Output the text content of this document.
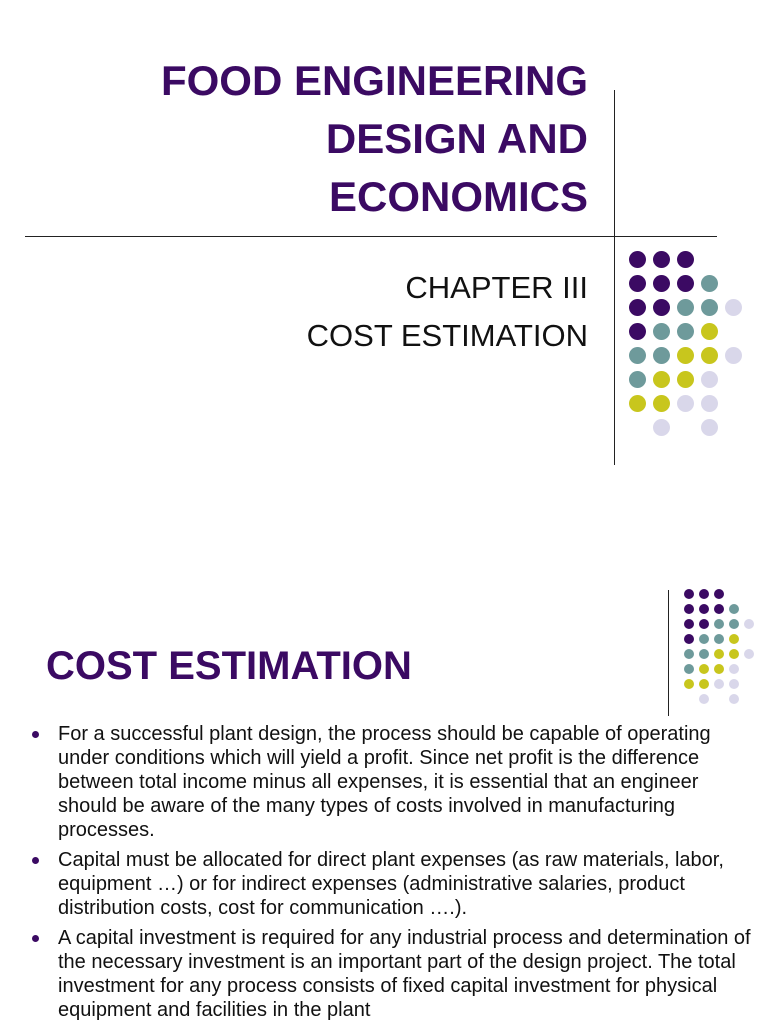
FOOD ENGINEERING
DESIGN AND
ECONOMICS
CHAPTER III
COST ESTIMATION
COST ESTIMATION
For a successful plant design, the process should be capable of operating under conditions which will yield a profit. Since net profit is the difference between total income minus all expenses, it is essential that an engineer should be aware of the many types of costs involved in manufacturing processes.
Capital must be allocated for direct plant expenses (as raw materials, labor, equipment …) or for indirect expenses (administrative salaries, product distribution costs, cost for communication ….).
A capital investment is required for any industrial process and determination of the necessary investment is an important part of the design project. The total investment for any process consists of fixed capital investment for physical equipment and facilities in the plant
